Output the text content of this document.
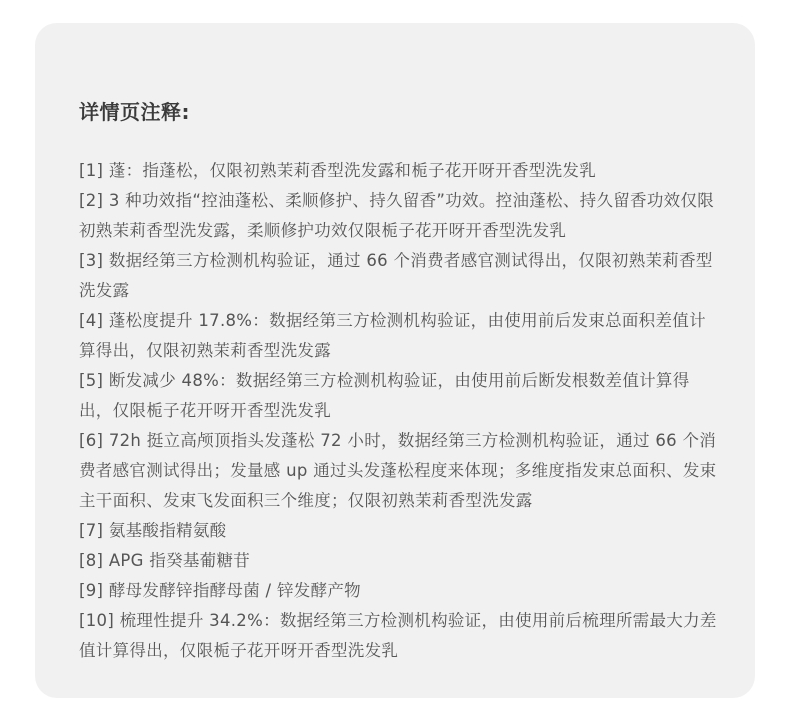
详情页注释:
[1] 蓬：指蓬松，仅限初熟茉莉香型洗发露和栀子花开呀开香型洗发乳
[2] 3 种功效指“控油蓬松、柔顺修护、持久留香”功效。控油蓬松、持久留香功效仅限初熟茉莉香型洗发露，柔顺修护功效仅限栀子花开呀开香型洗发乳
[3] 数据经第三方检测机构验证，通过 66 个消费者感官测试得出，仅限初熟茉莉香型洗发露
[4] 蓬松度提升 17.8%：数据经第三方检测机构验证，由使用前后发束总面积差值计算得出，仅限初熟茉莉香型洗发露
[5] 断发减少 48%：数据经第三方检测机构验证，由使用前后断发根数差值计算得出，仅限栀子花开呀开香型洗发乳
[6] 72h 挺立高颅顶指头发蓬松 72 小时，数据经第三方检测机构验证，通过 66 个消费者感官测试得出；发量感 up 通过头发蓬松程度来体现；多维度指发束总面积、发束主干面积、发束飞发面积三个维度；仅限初熟茉莉香型洗发露
[7] 氨基酸指精氨酸
[8] APG 指癸基葡糖苷
[9] 酵母发酵锌指酵母菌 / 锌发酵产物
[10] 梳理性提升 34.2%：数据经第三方检测机构验证，由使用前后梳理所需最大力差值计算得出，仅限栀子花开呀开香型洗发乳
